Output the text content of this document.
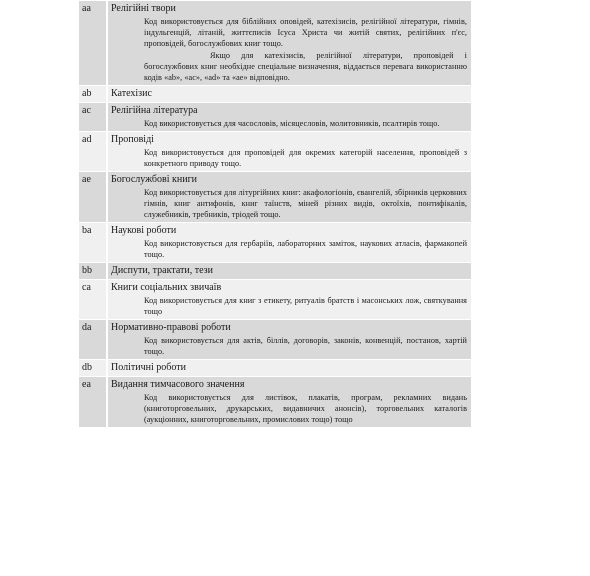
aa	Релігійні твори

Код використовується для біблійних оповідей, катехізисів, релігійної літератури, гімнів, індульгенцій, літаній, життєписів Ісуса Христа чи житій святих, релігійних п'єс, проповідей, богослужбових книг тощо.

Якщо для катехізисів, релігійної літератури, проповідей і богослужбових книг необхідне спеціальне визначення, віддається перевага використанню кодів «ab», «ac», «ad» та «ae» відповідно.

ab	Катехізис

ac	Релігійна література

Код використовується для часословів, місяцесловів, молитовників, псалтирів тощо.

ad	Проповіді

Код використовується для проповідей для окремих категорій населення, проповідей з конкретного приводу тощо.

ae	Богослужбові книги

Код використовується для літургійних книг: акафологіонів, євангелій, збірників церковних гімнів, книг антифонів, книг таїнств, міней різних видів, октоїхів, понтифікалів, служебників, требників, тріодей тощо.

ba	Наукові роботи

Код використовується для гербаріїв, лабораторних заміток, наукових атласів, фармакопей тощо.

bb	Диспути, трактати, тези

ca	Книги соціальних звичаїв

Код використовується для книг з етикету, ритуалів братств і масонських лож, святкування тощо

da	Нормативно-правові роботи

Код використовується для актів, біллів, договорів, законів, конвенцій, постанов, хартій тощо.

db	Політичні роботи

ea	Видання тимчасового значення

Код використовується для листівок, плакатів, програм, рекламних видань (книготорговельних, друкарських, видавничих анонсів), торговельних каталогів (аукціонних, книготорговельних, промислових тощо) тощо
